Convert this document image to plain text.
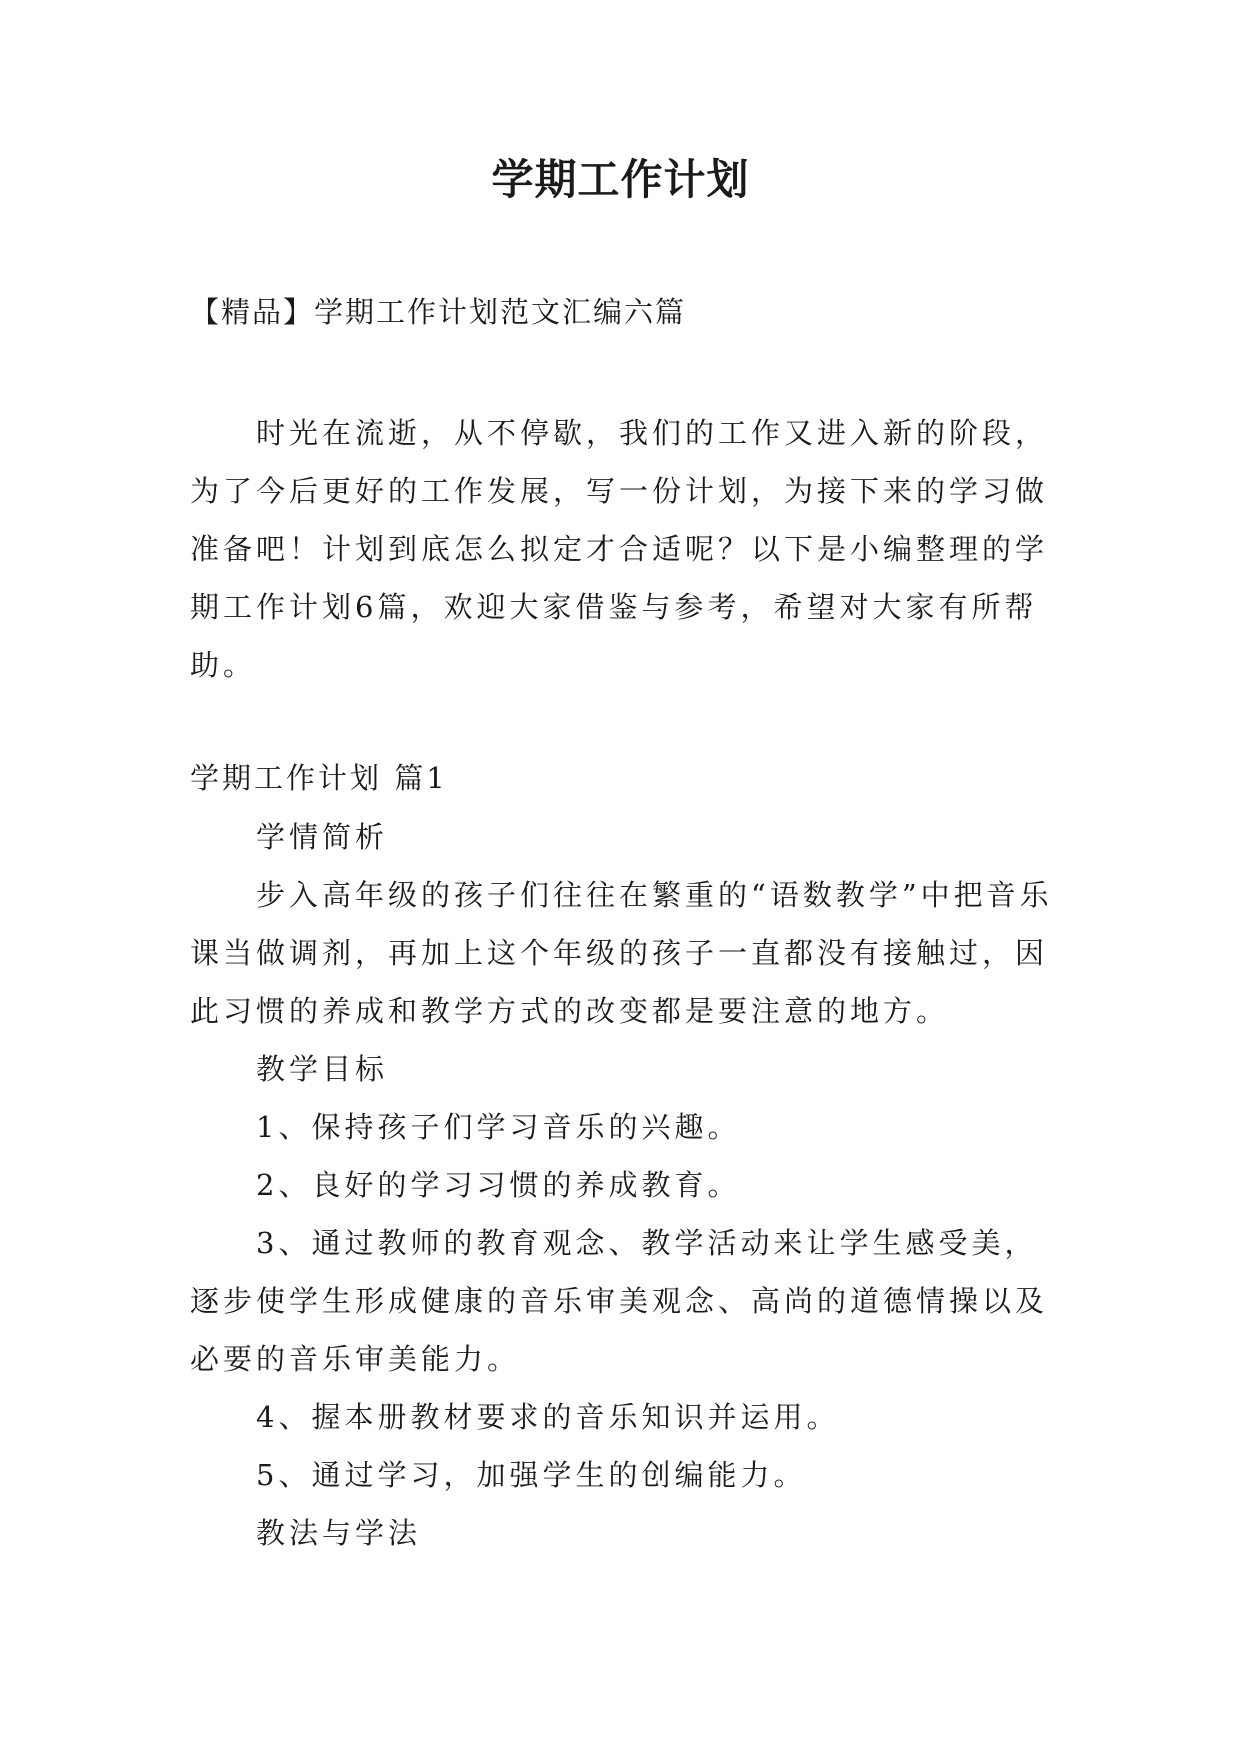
学期工作计划
【精品】学期工作计划范文汇编六篇

时光在流逝，从不停歇，我们的工作又进入新的阶段，为了今后更好的工作发展，写一份计划，为接下来的学习做准备吧！计划到底怎么拟定才合适呢？以下是小编整理的学期工作计划6篇，欢迎大家借鉴与参考，希望对大家有所帮助。

学期工作计划 篇1

学情简析

步入高年级的孩子们往往在繁重的“语数教学”中把音乐课当做调剂，再加上这个年级的孩子一直都没有接触过，因此习惯的养成和教学方式的改变都是要注意的地方。

教学目标

1、保持孩子们学习音乐的兴趣。

2、良好的学习习惯的养成教育。

3、通过教师的教育观念、教学活动来让学生感受美，逐步使学生形成健康的音乐审美观念、高尚的道德情操以及必要的音乐审美能力。

4、握本册教材要求的音乐知识并运用。

5、通过学习，加强学生的创编能力。

教法与学法
